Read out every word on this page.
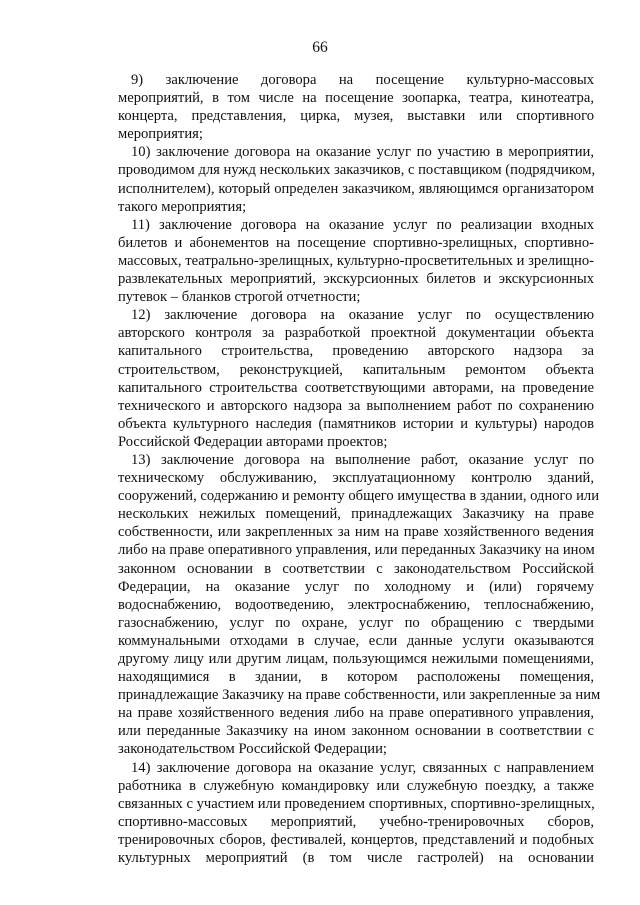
66
9) заключение договора на посещение культурно-массовых
мероприятий, в том числе на посещение зоопарка, театра, кинотеатра,
концерта, представления, цирка, музея, выставки или спортивного
мероприятия;
10) заключение договора на оказание услуг по участию в мероприятии,
проводимом для нужд нескольких заказчиков, с поставщиком (подрядчиком,
исполнителем), который определен заказчиком, являющимся организатором
такого мероприятия;
11) заключение договора на оказание услуг по реализации входных
билетов и абонементов на посещение спортивно-зрелищных, спортивно-
массовых, театрально-зрелищных, культурно-просветительных и зрелищно-
развлекательных мероприятий, экскурсионных билетов и экскурсионных
путевок – бланков строгой отчетности;
12) заключение договора на оказание услуг по осуществлению
авторского контроля за разработкой проектной документации объекта
капитального строительства, проведению авторского надзора за
строительством, реконструкцией, капитальным ремонтом объекта
капитального строительства соответствующими авторами, на проведение
технического и авторского надзора за выполнением работ по сохранению
объекта культурного наследия (памятников истории и культуры) народов
Российской Федерации авторами проектов;
13) заключение договора на выполнение работ, оказание услуг по
техническому обслуживанию, эксплуатационному контролю зданий,
сооружений, содержанию и ремонту общего имущества в здании, одного или
нескольких нежилых помещений, принадлежащих Заказчику на праве
собственности, или закрепленных за ним на праве хозяйственного ведения
либо на праве оперативного управления, или переданных Заказчику на ином
законном основании в соответствии с законодательством Российской
Федерации, на оказание услуг по холодному и (или) горячему
водоснабжению, водоотведению, электроснабжению, теплоснабжению,
газоснабжению, услуг по охране, услуг по обращению с твердыми
коммунальными отходами в случае, если данные услуги оказываются
другому лицу или другим лицам, пользующимся нежилыми помещениями,
находящимися в здании, в котором расположены помещения,
принадлежащие Заказчику на праве собственности, или закрепленные за ним
на праве хозяйственного ведения либо на праве оперативного управления,
или переданные Заказчику на ином законном основании в соответствии с
законодательством Российской Федерации;
14) заключение договора на оказание услуг, связанных с направлением
работника в служебную командировку или служебную поездку, а также
связанных с участием или проведением спортивных, спортивно-зрелищных,
спортивно-массовых мероприятий, учебно-тренировочных сборов,
тренировочных сборов, фестивалей, концертов, представлений и подобных
культурных мероприятий (в том числе гастролей) на основании
